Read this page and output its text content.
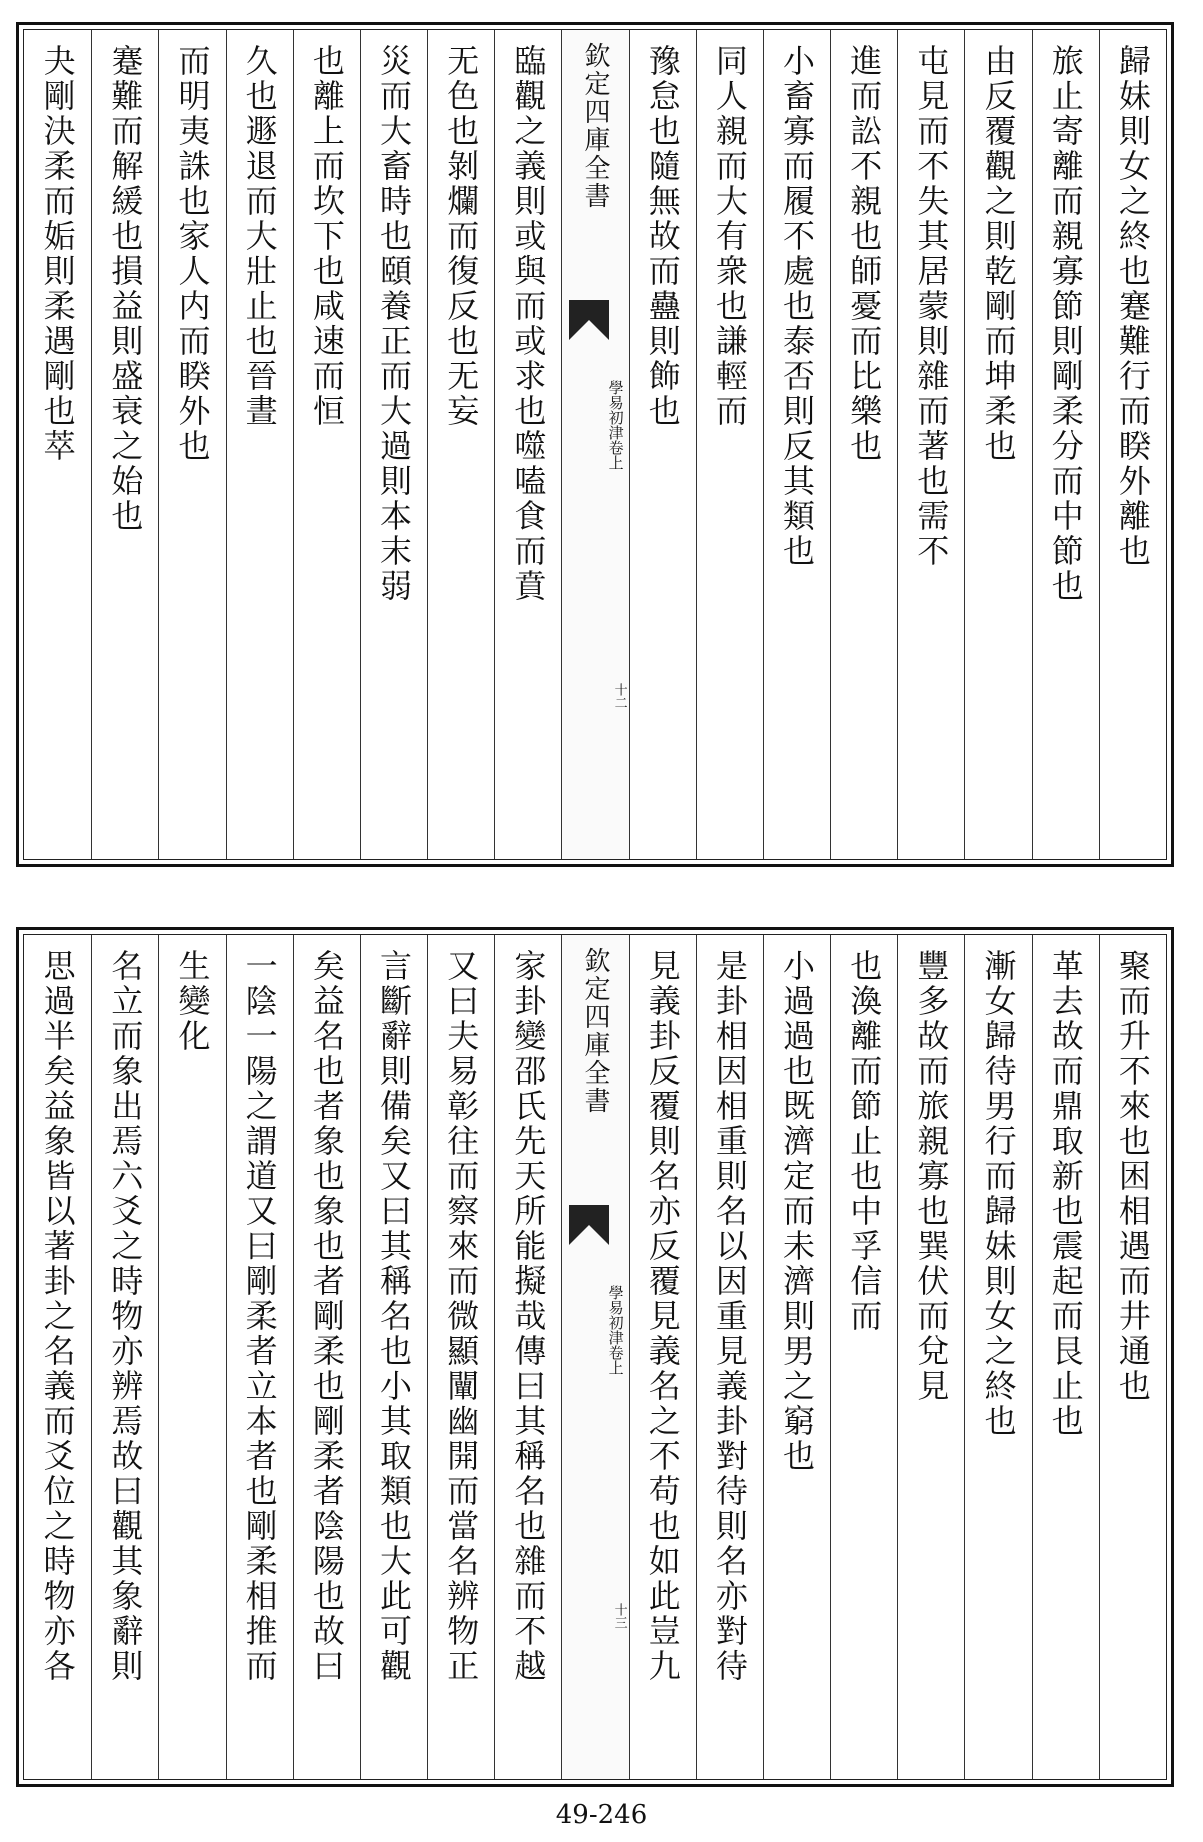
歸妹則女之終也蹇難行而睽外離也
旅止寄離而親寡節則剛柔分而中節也
由反覆觀之則乾剛而坤柔也
屯見而不失其居蒙則雜而著也需不
進而訟不親也師憂而比樂也
小畜寡而履不處也泰否則反其類也
同人親而大有衆也謙輕而
豫怠也隨無故而蠱則飾也
欽定四庫全書
學易初津卷上
十二
臨觀之義則或與而或求也噬嗑食而賁
无色也剝爛而復反也无妄
災而大畜時也頤養正而大過則本末弱
也離上而坎下也咸速而恒
久也遯退而大壯止也晉晝
而明夷誅也家人内而睽外也
蹇難而解緩也損益則盛衰之始也
夬剛決柔而姤則柔遇剛也萃
聚而升不來也困相遇而井通也
革去故而鼎取新也震起而艮止也
漸女歸待男行而歸妹則女之終也
豐多故而旅親寡也巽伏而兌見
也渙離而節止也中孚信而
小過過也既濟定而未濟則男之窮也
是卦相因相重則名以因重見義卦對待則名亦對待
見義卦反覆則名亦反覆見義名之不苟也如此豈九
欽定四庫全書
學易初津卷上
十三
家卦變邵氏先天所能擬哉傳曰其稱名也雜而不越
又曰夫易彰往而察來而微顯闡幽開而當名辨物正
言斷辭則備矣又曰其稱名也小其取類也大此可觀
矣益名也者象也象也者剛柔也剛柔者陰陽也故曰
一陰一陽之謂道又曰剛柔者立本者也剛柔相推而
生變化
名立而象出焉六爻之時物亦辨焉故曰觀其象辭則
思過半矣益象皆以著卦之名義而爻位之時物亦各
49-246
